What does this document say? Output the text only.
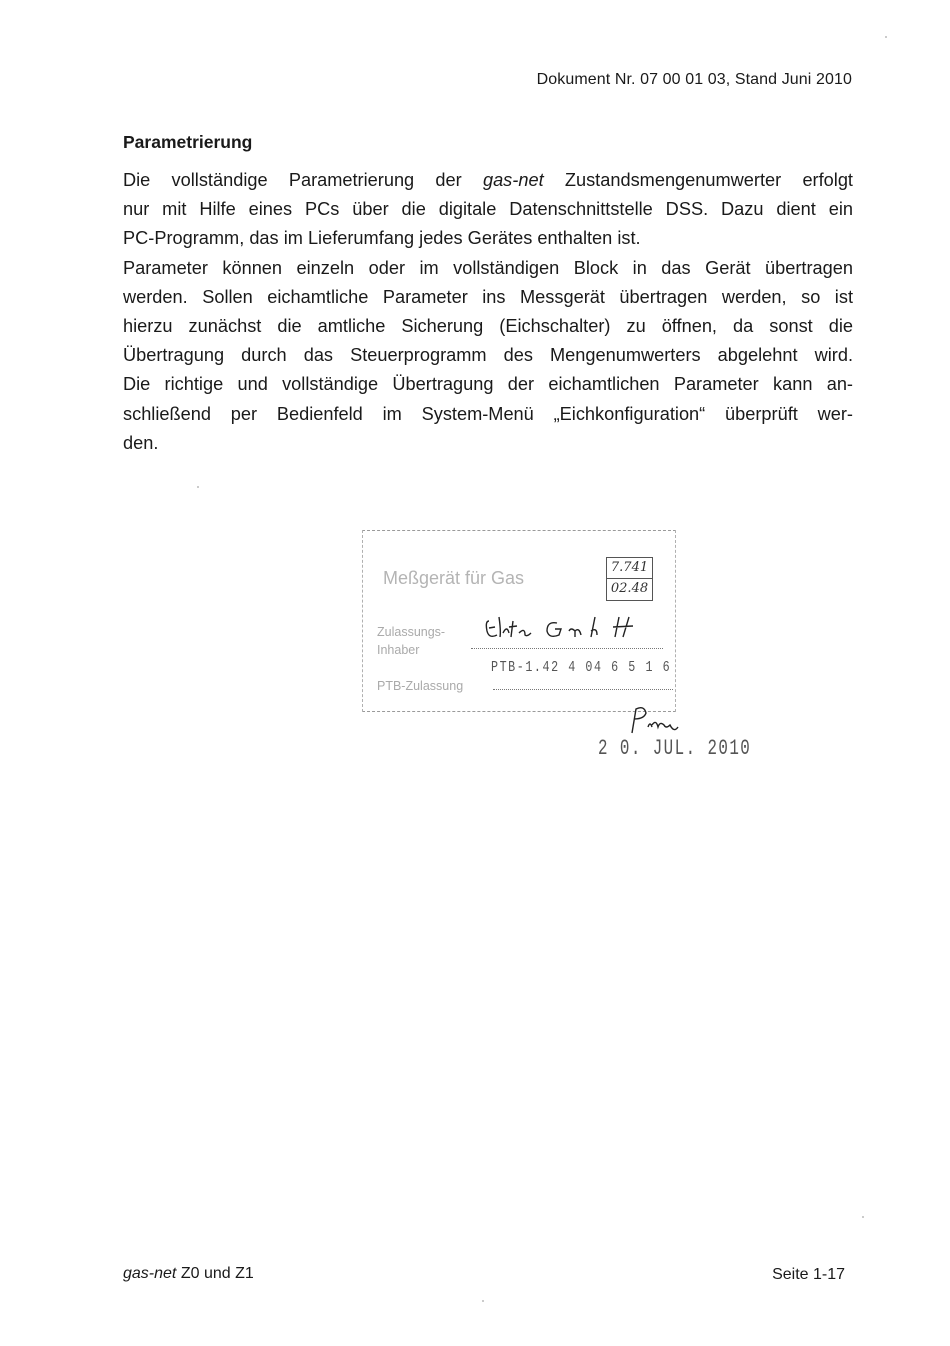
Dokument Nr. 07 00 01 03, Stand Juni 2010
Parametrierung
Die vollständige Parametrierung der gas-net Zustandsmengenumwerter erfolgt
nur mit Hilfe eines PCs über die digitale Datenschnittstelle DSS. Dazu dient ein
PC-Programm, das im Lieferumfang jedes Gerätes enthalten ist.
Parameter können einzeln oder im vollständigen Block in das Gerät übertragen
werden. Sollen eichamtliche Parameter ins Messgerät übertragen werden, so ist
hierzu zunächst die amtliche Sicherung (Eichschalter) zu öffnen, da sonst die
Übertragung durch das Steuerprogramm des Mengenumwerters abgelehnt wird.
Die richtige und vollständige Übertragung der eichamtlichen Parameter kann an-
schließend per Bedienfeld im System-Menü „Eichkonfiguration“ überprüft wer-
den.
Meßgerät für Gas
7.741
02.48
Zulassungs-
Inhaber
PTB-1.42 4 04 6 5 1 6
PTB-Zulassung
2 0. JUL. 2010
gas-net Z0 und Z1	Seite 1-17
